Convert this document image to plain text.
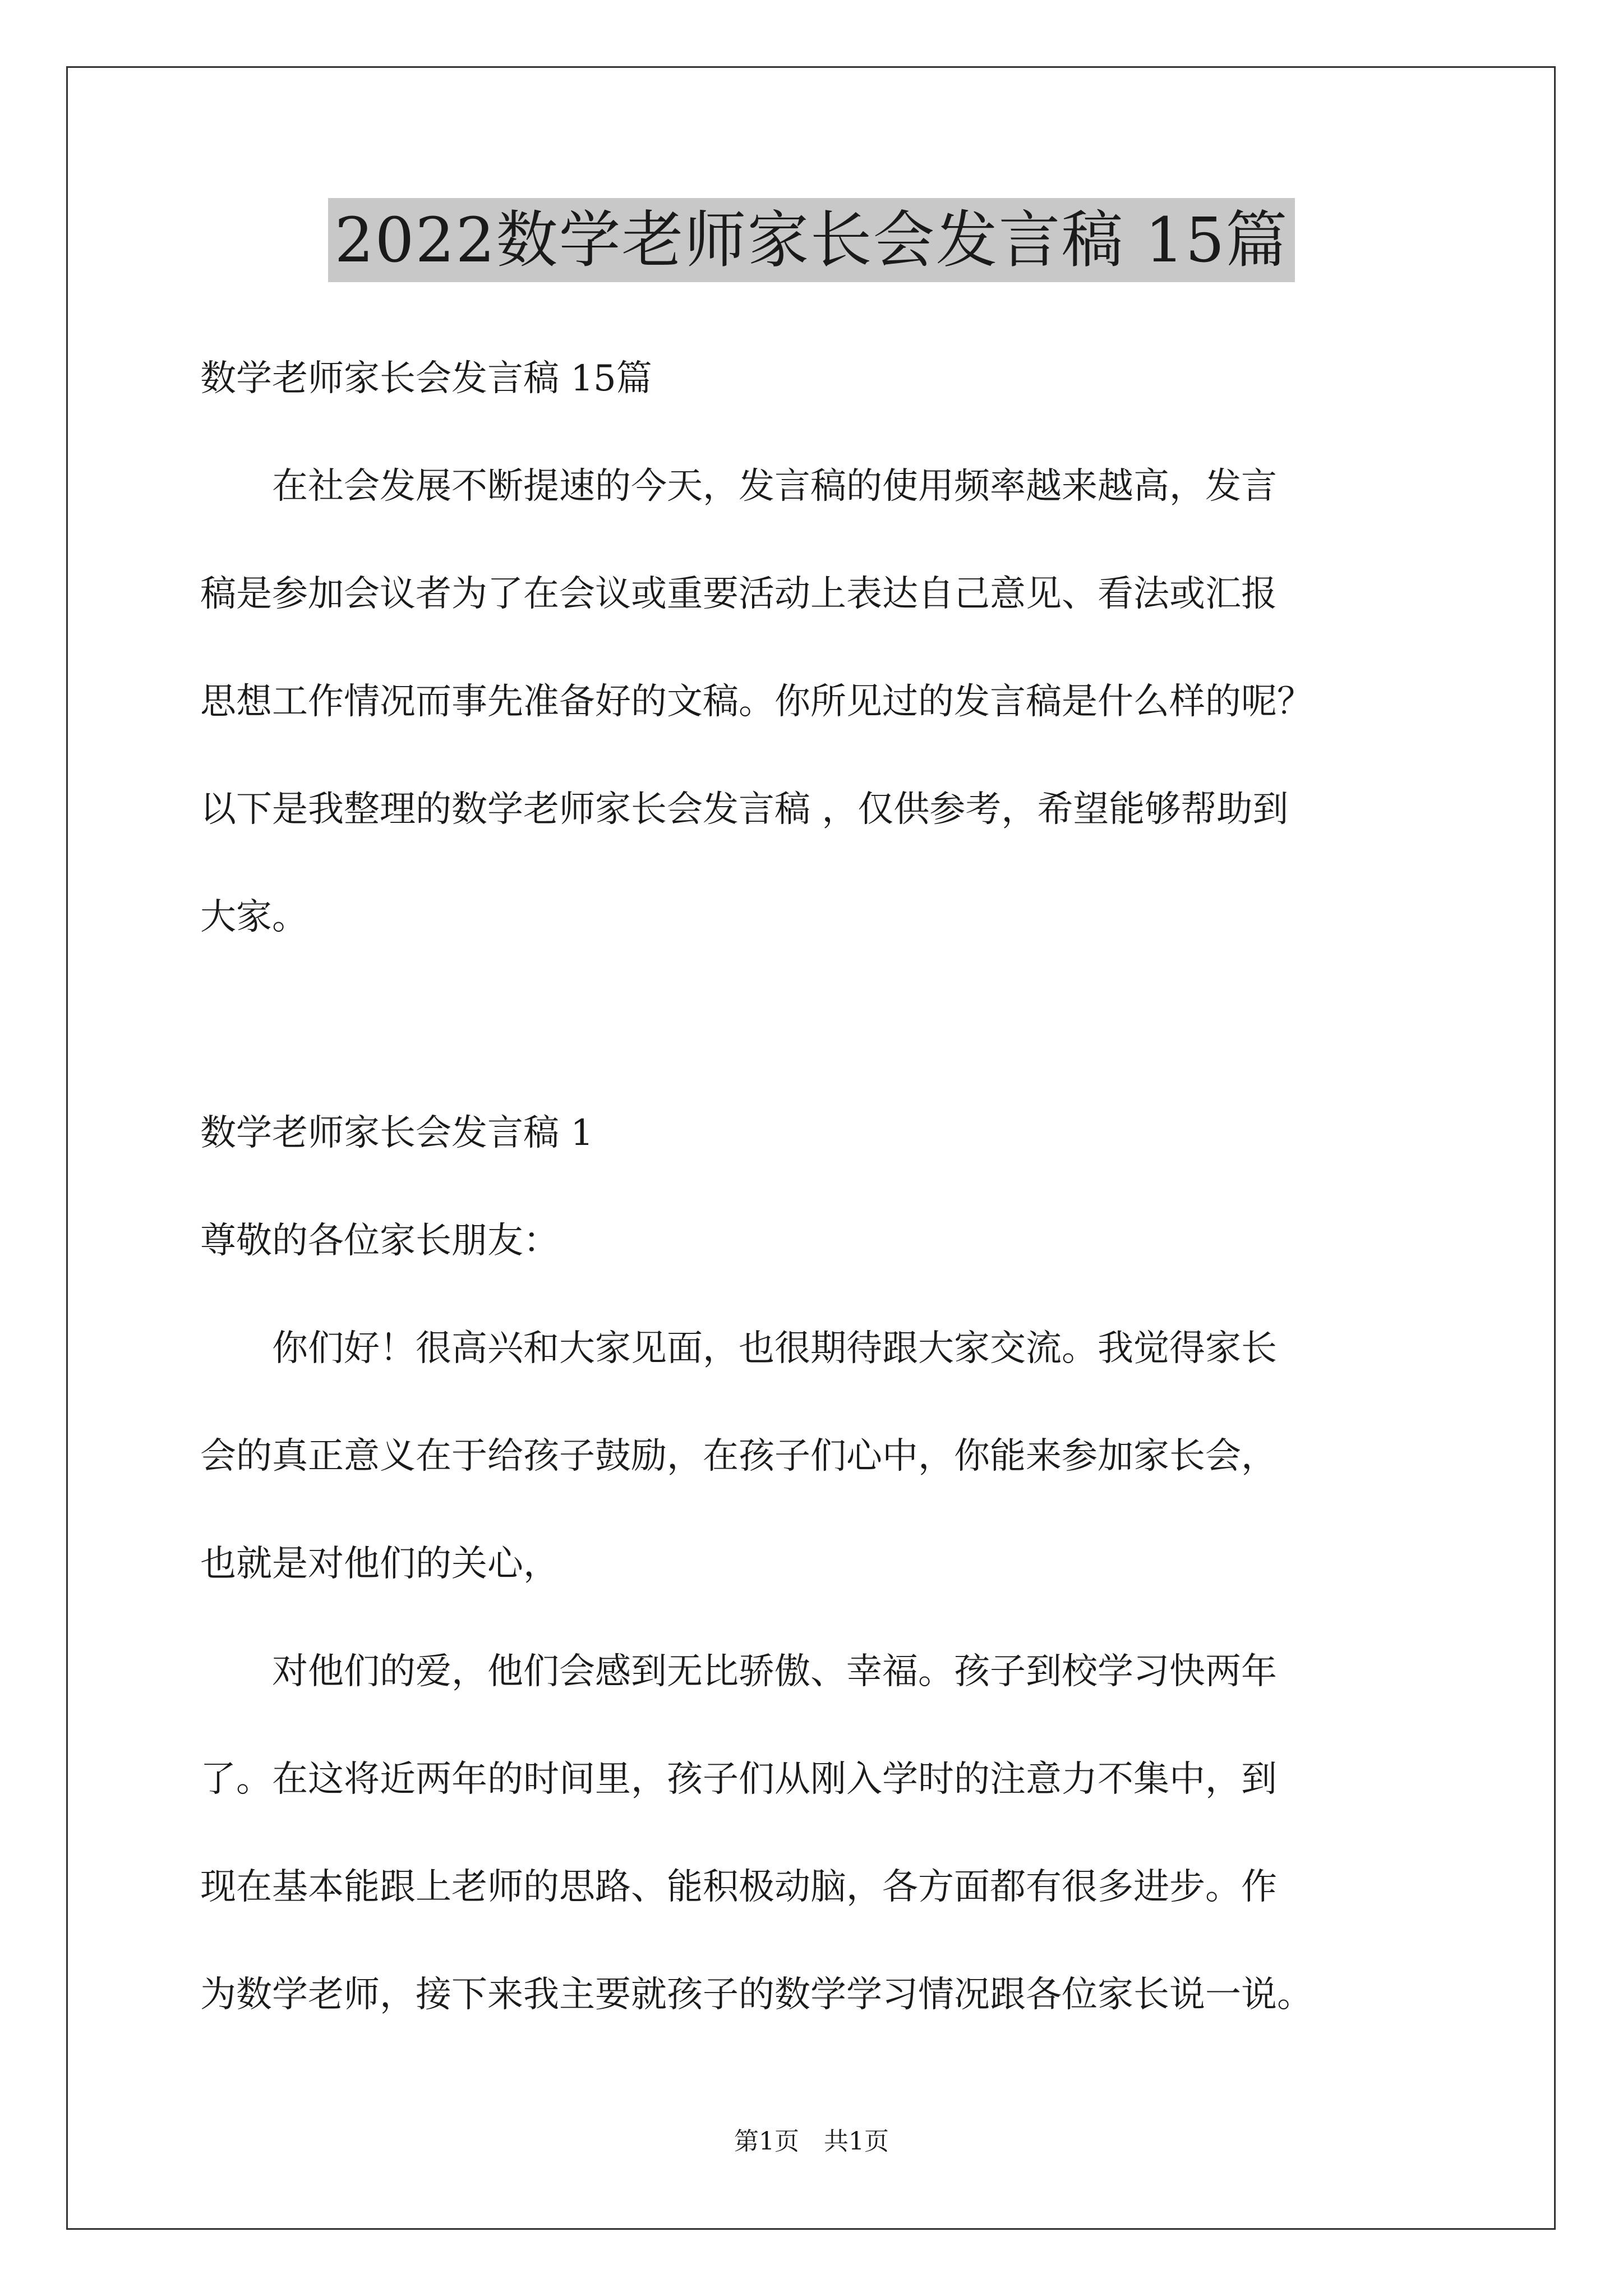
2022数学老师家长会发言稿 15篇
数学老师家长会发言稿 15篇
　　在社会发展不断提速的今天，发言稿的使用频率越来越高，发言
稿是参加会议者为了在会议或重要活动上表达自己意见、看法或汇报
思想工作情况而事先准备好的文稿。你所见过的发言稿是什么样的呢？
以下是我整理的数学老师家长会发言稿 ，仅供参考，希望能够帮助到
大家。
数学老师家长会发言稿 1
尊敬的各位家长朋友：
　　你们好！很高兴和大家见面，也很期待跟大家交流。我觉得家长
会的真正意义在于给孩子鼓励，在孩子们心中，你能来参加家长会，
也就是对他们的关心，
　　对他们的爱，他们会感到无比骄傲、幸福。孩子到校学习快两年
了。在这将近两年的时间里，孩子们从刚入学时的注意力不集中，到
现在基本能跟上老师的思路、能积极动脑，各方面都有很多进步。作
为数学老师，接下来我主要就孩子的数学学习情况跟各位家长说一说。
第1页　共1页
